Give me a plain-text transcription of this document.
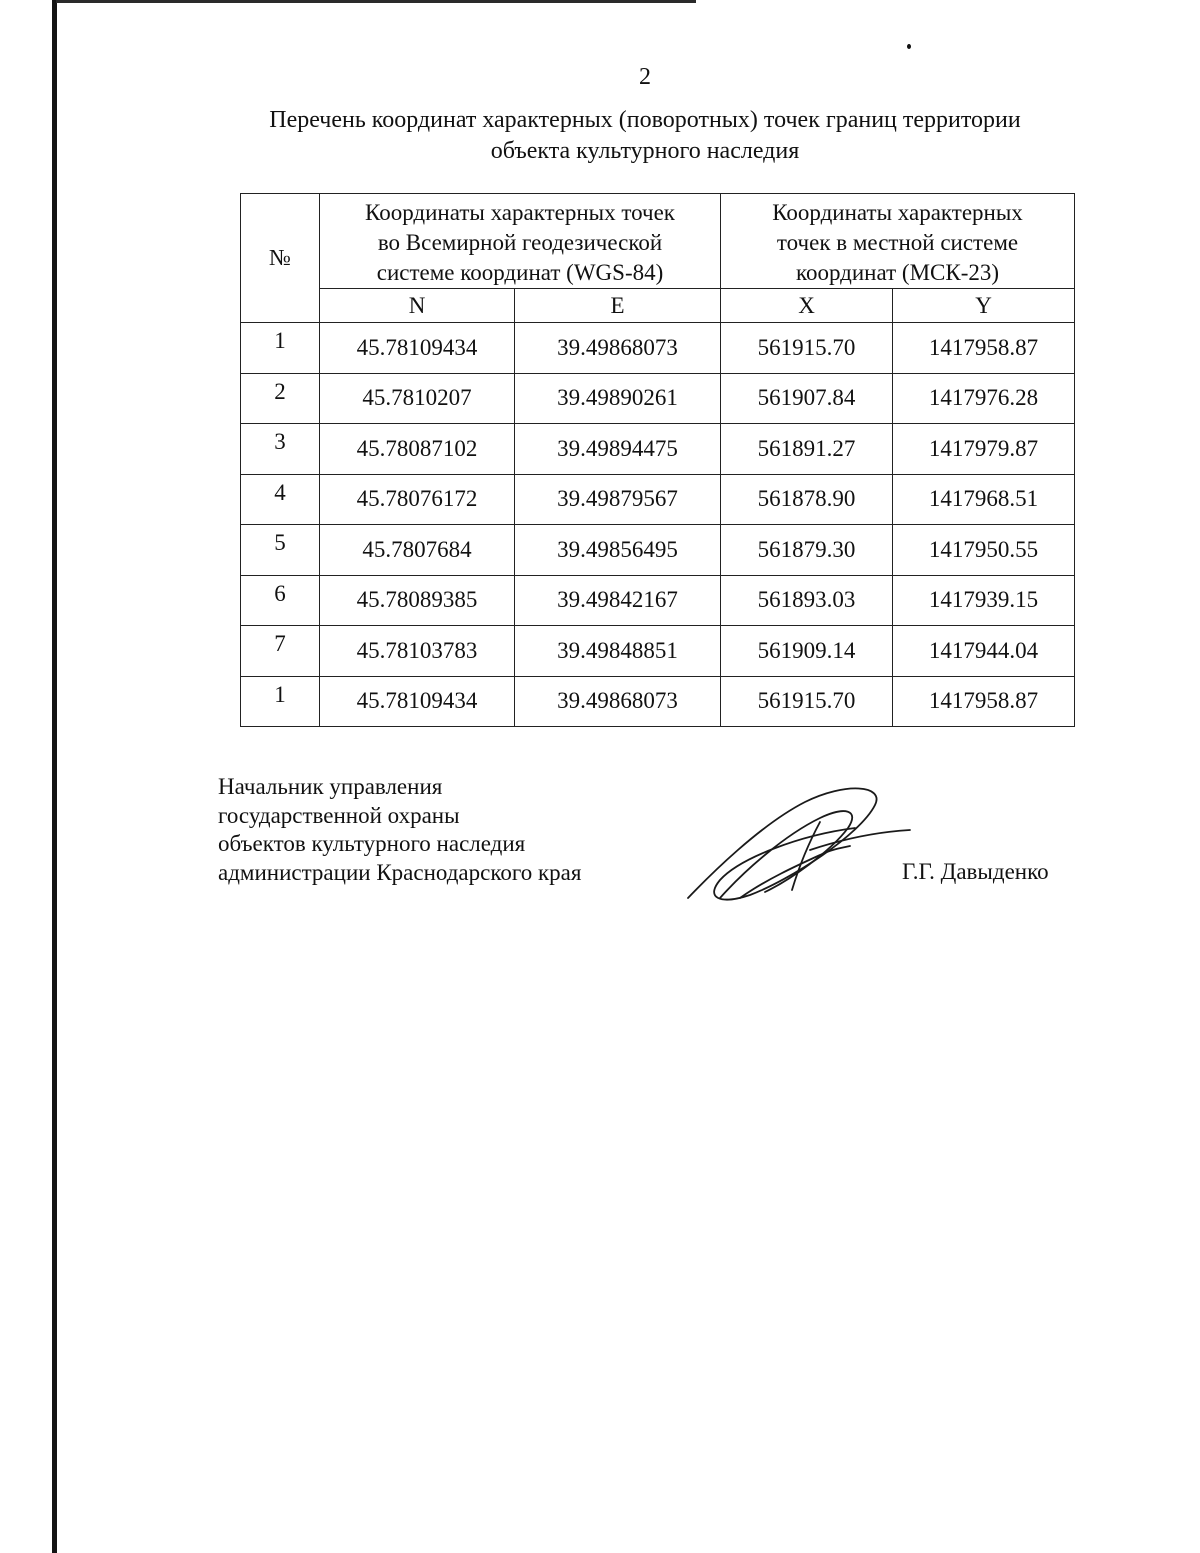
2
Перечень координат характерных (поворотных) точек границ территории
объекта культурного наследия
№	Координаты характерных точек
во Всемирной геодезической
системе координат (WGS-84)		Координаты характерных
точек в местной системе
координат (МСК-23)	

	N	E	X	Y
1	45.78109434	39.49868073	561915.70	1417958.87
2	45.7810207	39.49890261	561907.84	1417976.28
3	45.78087102	39.49894475	561891.27	1417979.87
4	45.78076172	39.49879567	561878.90	1417968.51
5	45.7807684	39.49856495	561879.30	1417950.55
6	45.78089385	39.49842167	561893.03	1417939.15
7	45.78103783	39.49848851	561909.14	1417944.04
1	45.78109434	39.49868073	561915.70	1417958.87
Начальник управления
государственной охраны
объектов культурного наследия
администрации Краснодарского края	Г.Г. Давыденко
